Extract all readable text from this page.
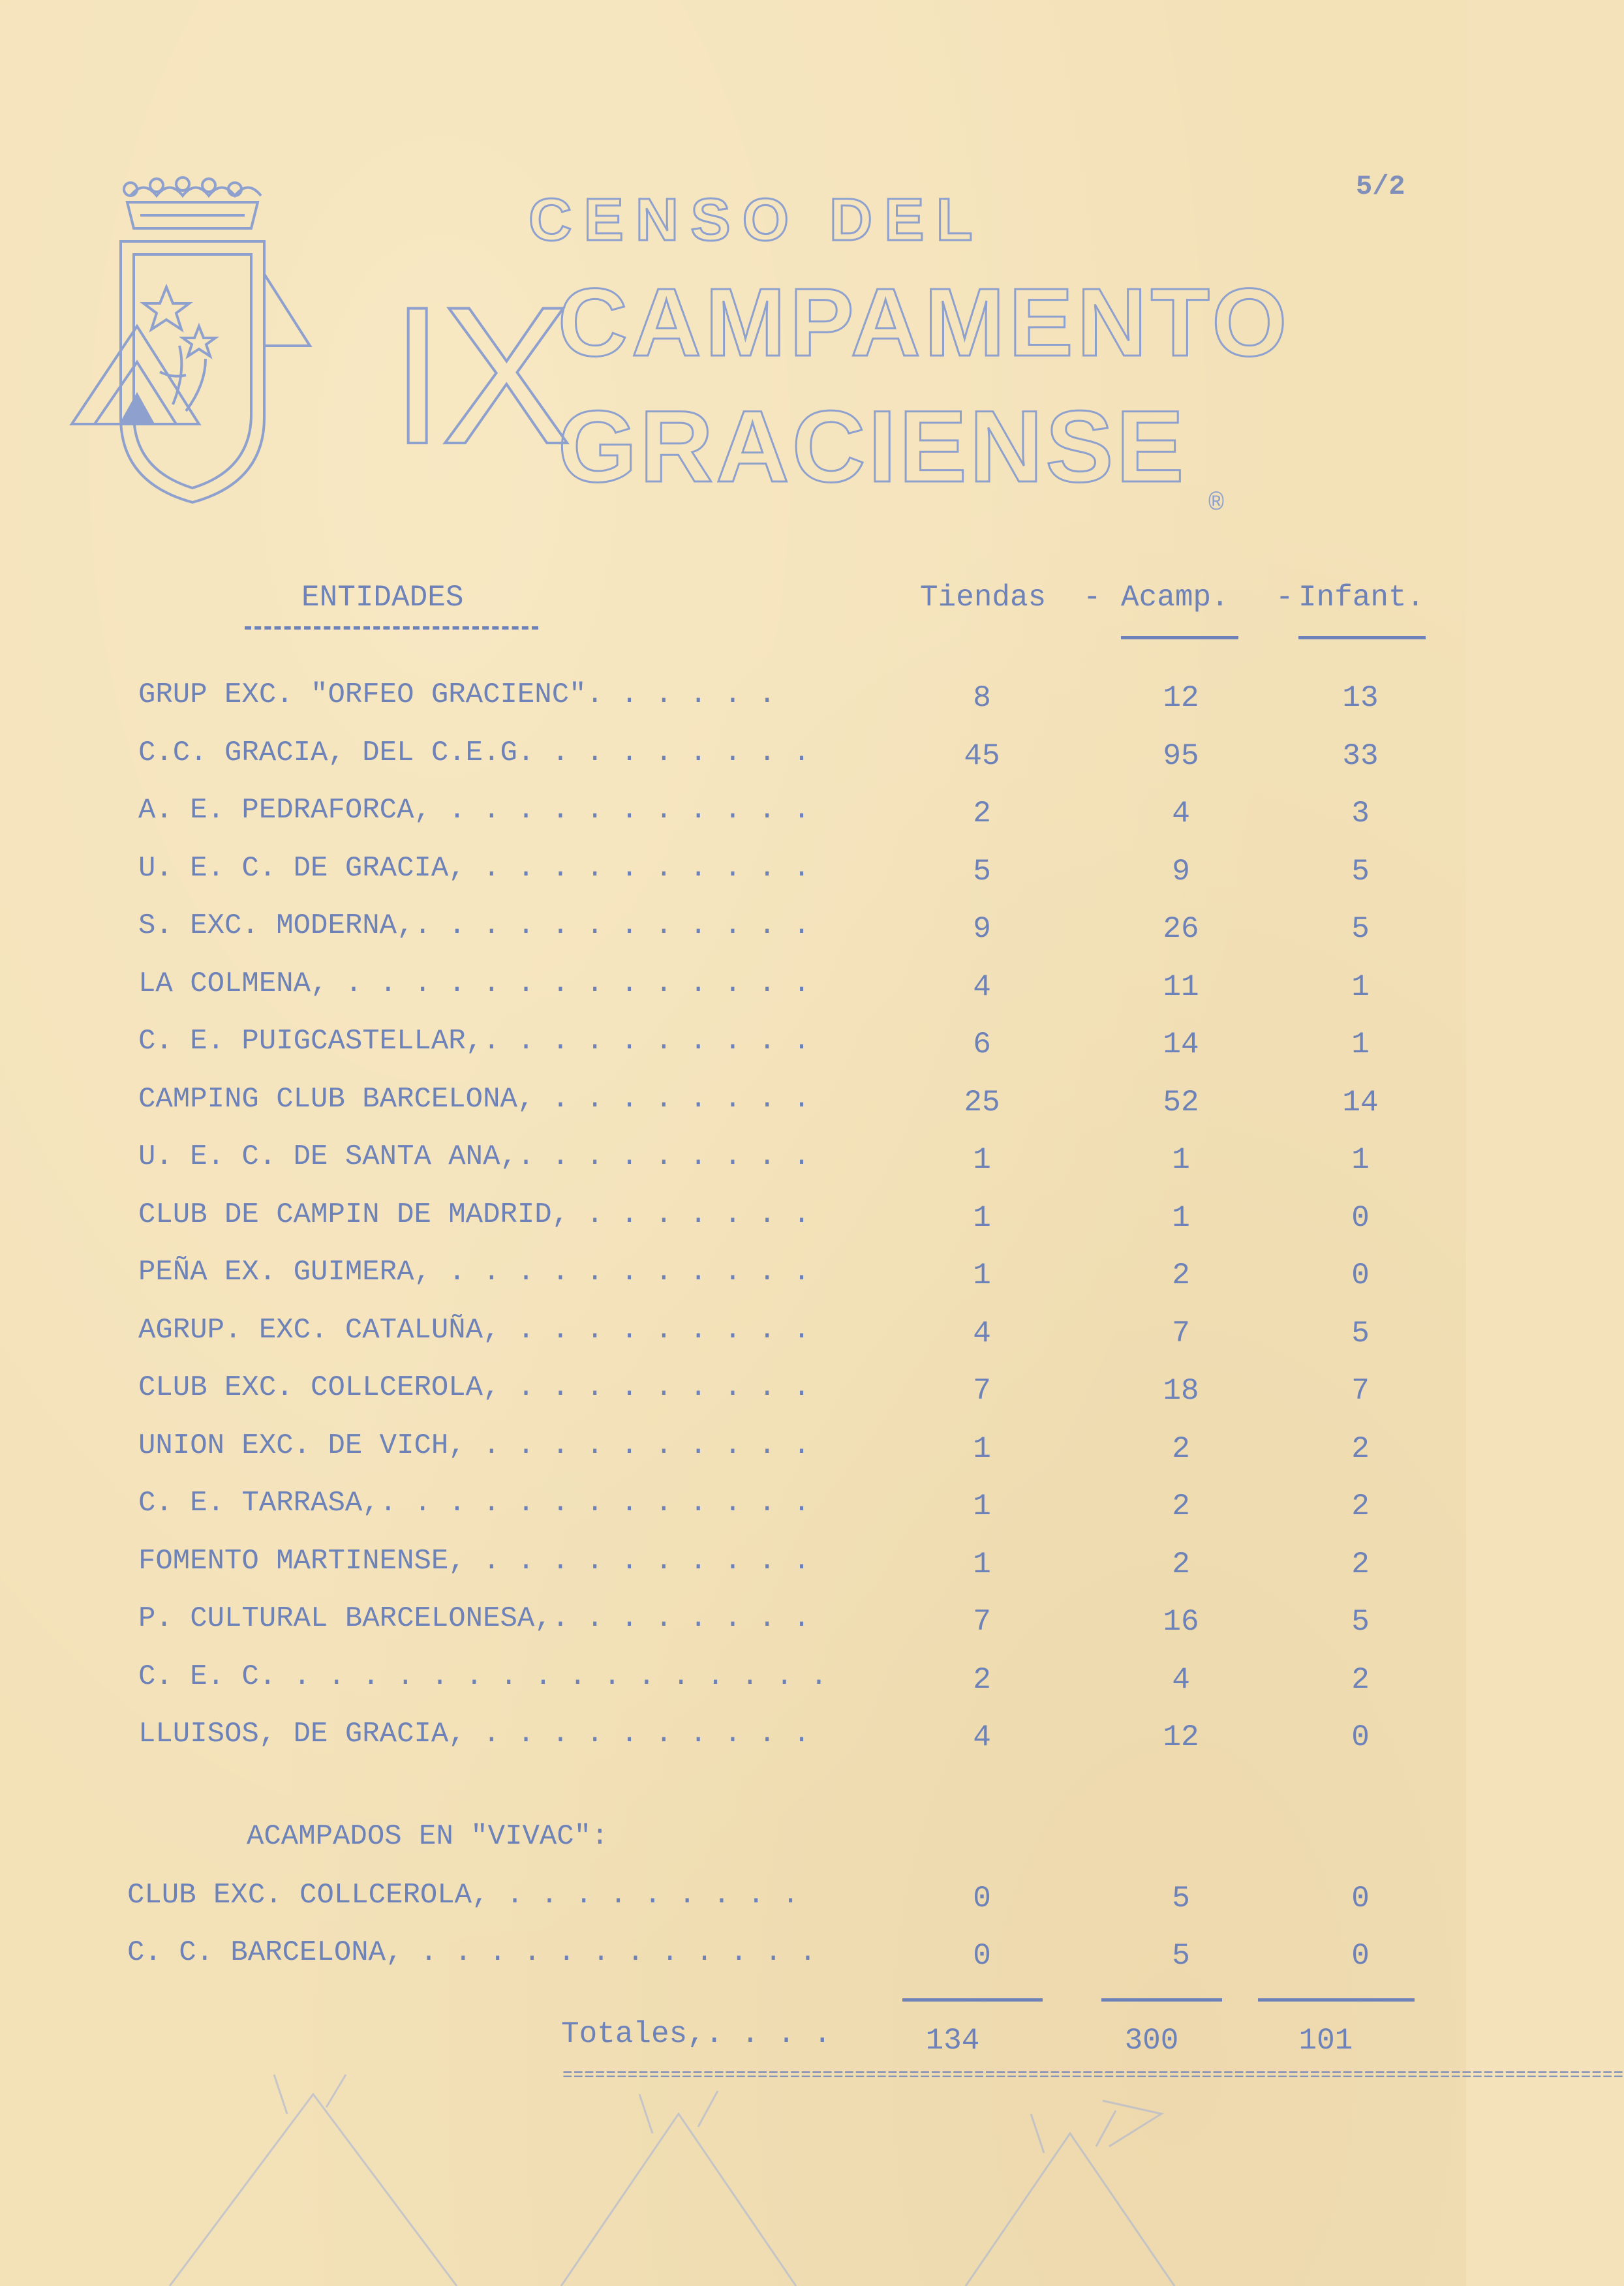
5/2
CENSO DEL
IX
CAMPAMENTO
GRACIENSE
®
ENTIDADES	Tiendas - Acamp. - Infant.
GRUP EXC. "ORFEO GRACIENC". . . . . .	8	12	13
C.C. GRACIA, DEL C.E.G. . . . . . . . .	45	95	33
A. E. PEDRAFORCA, . . . . . . . . . . .	2	4	3
U. E. C. DE GRACIA, . . . . . . . . . .	5	9	5
S. EXC. MODERNA,. . . . . . . . . . . .	9	26	5
LA COLMENA, . . . . . . . . . . . . . .	4	11	1
C. E. PUIGCASTELLAR,. . . . . . . . . .	6	14	1
CAMPING CLUB BARCELONA, . . . . . . . .	25	52	14
U. E. C. DE SANTA ANA,. . . . . . . . .	1	1	1
CLUB DE CAMPIN DE MADRID, . . . . . . .	1	1	0
PEÑA EX. GUIMERA, . . . . . . . . . . .	1	2	0
AGRUP. EXC. CATALUÑA, . . . . . . . . .	4	7	5
CLUB EXC. COLLCEROLA, . . . . . . . . .	7	18	7
UNION EXC. DE VICH, . . . . . . . . . .	1	2	2
C. E. TARRASA,. . . . . . . . . . . . .	1	2	2
FOMENTO MARTINENSE, . . . . . . . . . .	1	2	2
P. CULTURAL BARCELONESA,. . . . . . . .	7	16	5
C. E. C. . . . . . . . . . . . . . . . .	2	4	2
LLUISOS, DE GRACIA, . . . . . . . . . .	4	12	0
ACAMPADOS EN "VIVAC":
CLUB EXC. COLLCEROLA, . . . . . . . . .	0	5	0
C. C. BARCELONA, . . . . . . . . . . . .	0	5	0
Totales,. . . .	134	300	101
==================================================================================================
